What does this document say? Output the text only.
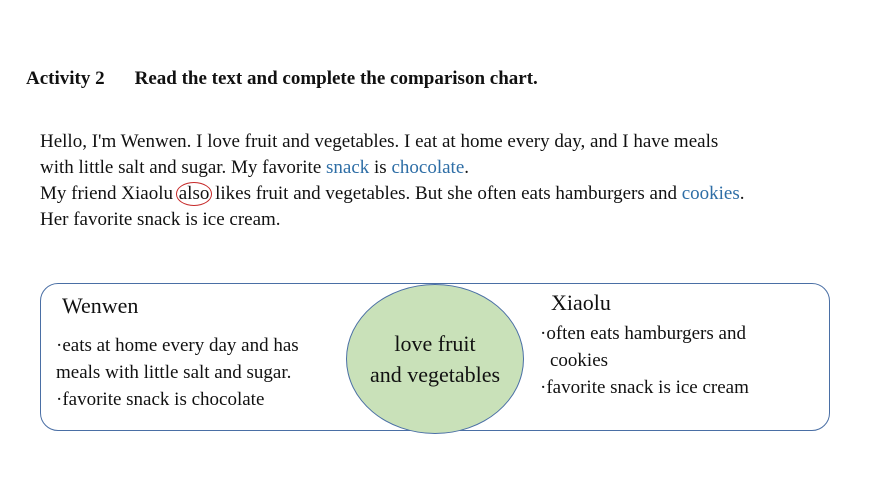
Activity 2 Read the text and complete the comparison chart.
Hello, I'm Wenwen. I love fruit and vegetables. I eat at home every day, and I have meals
with little salt and sugar. My favorite snack is chocolate.
My friend Xiaolu also likes fruit and vegetables. But she often eats hamburgers and cookies.
Her favorite snack is ice cream.
love fruit
and vegetables
Wenwen
·eats at home every day and has
meals with little salt and sugar.
·favorite snack is chocolate
Xiaolu
·often eats hamburgers and
cookies
·favorite snack is ice cream
